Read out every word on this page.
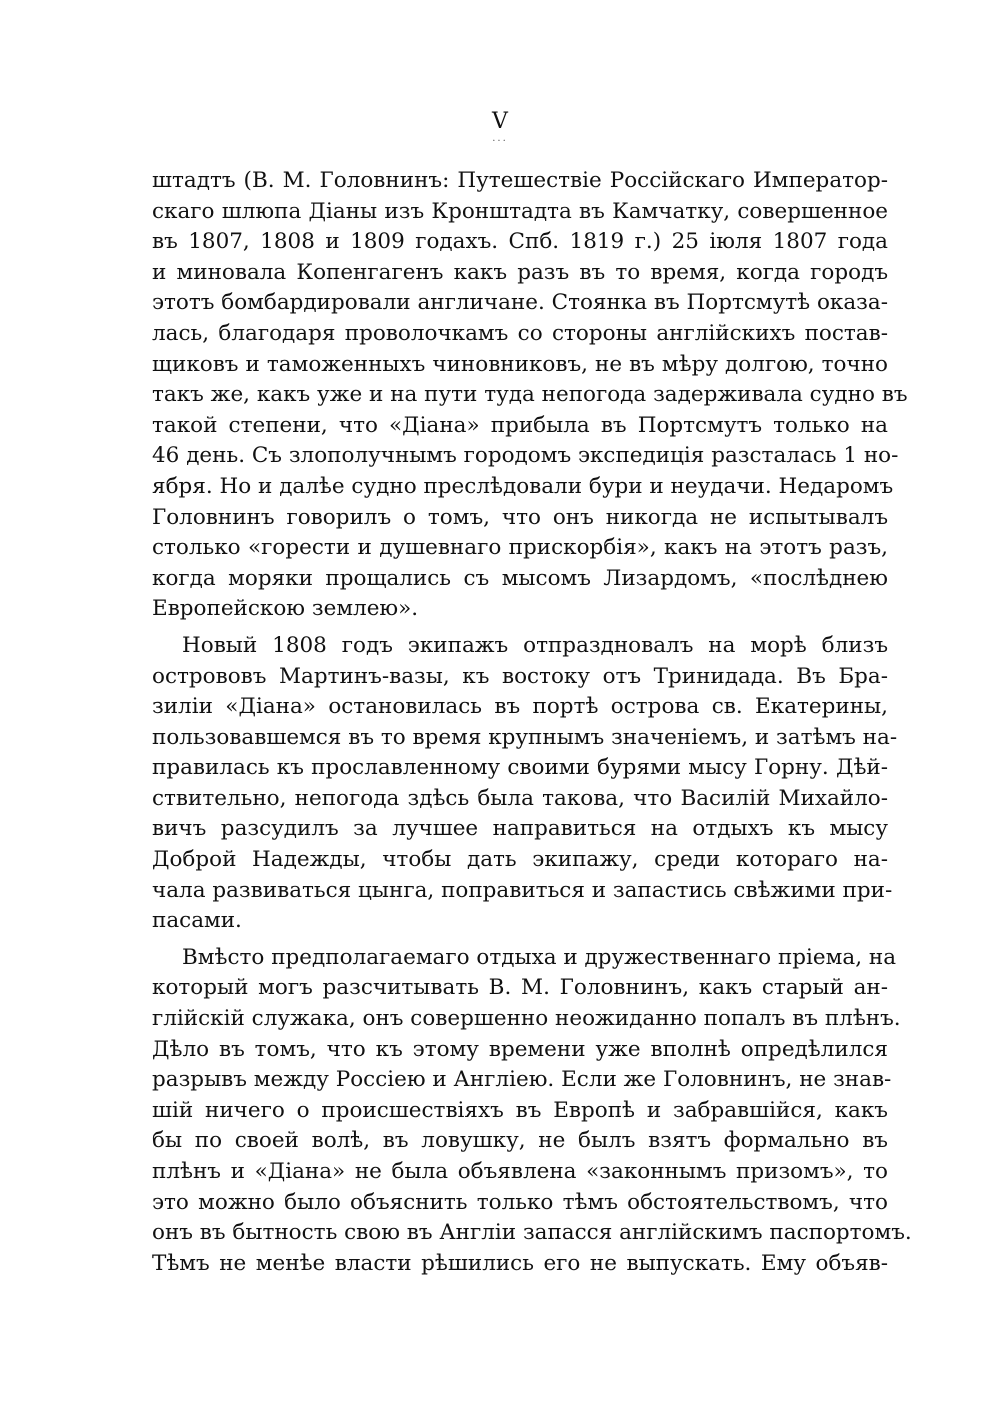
V
...
штадтъ (В. М. Головнинъ: Путешествіе Россійскаго Император-
скаго шлюпа Діаны изъ Кронштадта въ Камчатку, совершенное
въ 1807, 1808 и 1809 годахъ. Спб. 1819 г.) 25 іюля 1807 года
и миновала Копенгагенъ какъ разъ въ то время, когда городъ
этотъ бомбардировали англичане. Стоянка въ Портсмутѣ оказа-
лась, благодаря проволочкамъ со стороны англійскихъ постав-
щиковъ и таможенныхъ чиновниковъ, не въ мѣру долгою, точно
такъ же, какъ уже и на пути туда непогода задерживала судно въ
такой степени, что «Діана» прибыла въ Портсмутъ только на
46 день. Съ злополучнымъ городомъ экспедиція разсталась 1 но-
ября. Но и далѣе судно преслѣдовали бури и неудачи. Недаромъ
Головнинъ говорилъ о томъ, что онъ никогда не испытывалъ
столько «горести и душевнаго прискорбія», какъ на этотъ разъ,
когда моряки прощались съ мысомъ Лизардомъ, «послѣднею
Европейскою землею».
Новый 1808 годъ экипажъ отпраздновалъ на морѣ близъ
острововъ Мартинъ-вазы, къ востоку отъ Тринидада. Въ Бра-
зиліи «Діана» остановилась въ портѣ острова св. Екатерины,
пользовавшемся въ то время крупнымъ значеніемъ, и затѣмъ на-
правилась къ прославленному своими бурями мысу Горну. Дѣй-
ствительно, непогода здѣсь была такова, что Василій Михайло-
вичъ разсудилъ за лучшее направиться на отдыхъ къ мысу
Доброй Надежды, чтобы дать экипажу, среди котораго на-
чала развиваться цынга, поправиться и запастись свѣжими при-
пасами.
Вмѣсто предполагаемаго отдыха и дружественнаго пріема, на
который могъ разсчитывать В. М. Головнинъ, какъ старый ан-
глійскій служака, онъ совершенно неожиданно попалъ въ плѣнъ.
Дѣло въ томъ, что къ этому времени уже вполнѣ опредѣлился
разрывъ между Россіею и Англіею. Если же Головнинъ, не знав-
шій ничего о происшествіяхъ въ Европѣ и забравшійся, какъ
бы по своей волѣ, въ ловушку, не былъ взятъ формально въ
плѣнъ и «Діана» не была объявлена «законнымъ призомъ», то
это можно было объяснить только тѣмъ обстоятельствомъ, что
онъ въ бытность свою въ Англіи запасся англійскимъ паспортомъ.
Тѣмъ не менѣе власти рѣшились его не выпускать. Ему объяв-
